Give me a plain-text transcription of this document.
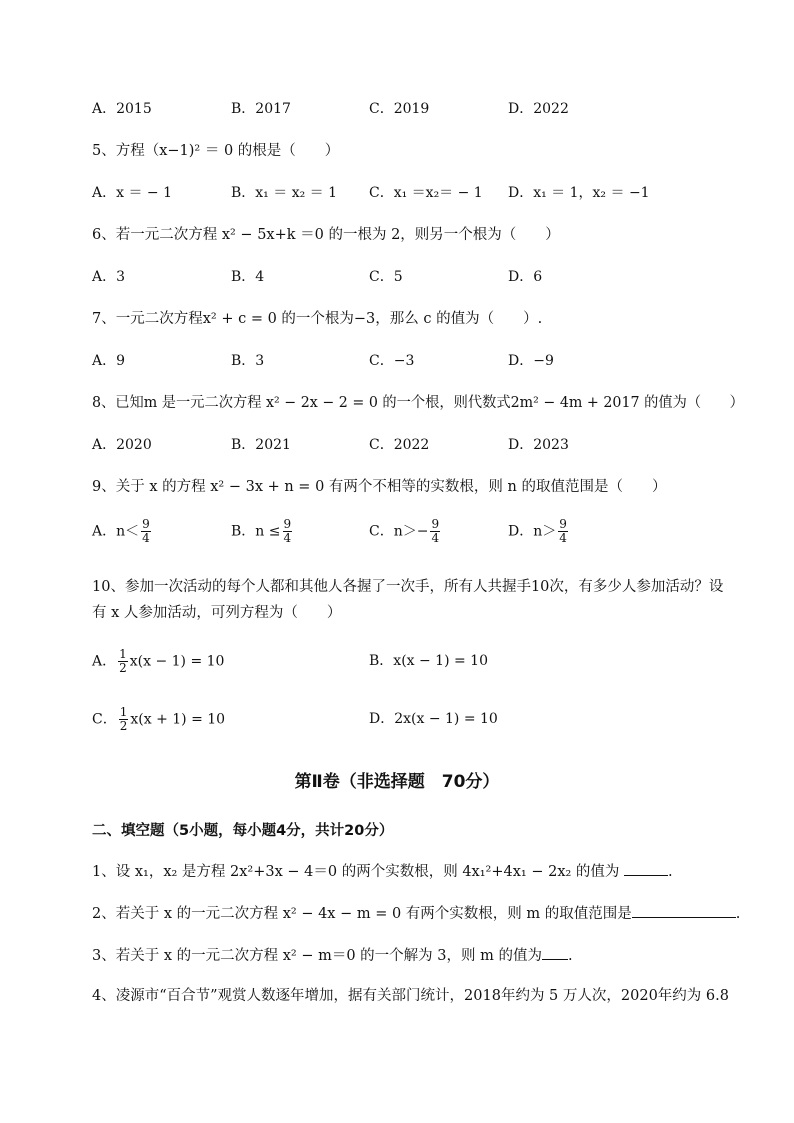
A．2015	B．2017	C．2019	D．2022
5、方程（x−1)² ＝ 0 的根是（　　）
A．x ＝ − 1	B．x₁ ＝ x₂ ＝ 1 C．x₁ ＝x₂＝ − 1 D．x₁ ＝ 1，x₂ ＝ −1
6、若一元二次方程 x² − 5x+k ＝0 的一根为 2，则另一个根为（　　）
A．3	B．4	C．5	D．6
7、一元二次方程x² + c = 0 的一个根为−3，那么 c 的值为（　　）.
A．9	B．3	C．−3	D．−9
8、已知m 是一元二次方程 x² − 2x − 2 = 0 的一个根，则代数式2m² − 4m + 2017 的值为（　　）
A．2020	B．2021	C．2022	D．2023
9、关于 x 的方程 x² − 3x + n = 0 有两个不相等的实数根，则 n 的取值范围是（　　）
A．$n< \frac{9}{4}$	B．$n \le \frac{9}{4}$	C．$n>- \frac{9}{4}$	D．$n> \frac{9}{4}$
10、参加一次活动的每个人都和其他人各握了一次手，所有人共握手10次，有多少人参加活动？设
有 x 人参加活动，可列方程为（　　）
A． $\frac{1}{2} x(x - 1) = 10$	B．x(x − 1) = 10
C． $\frac{1}{2} x(x + 1) = 10$	D．2x(x − 1) = 10
第Ⅱ卷（非选择题　70分）
二、填空题（5小题，每小题4分，共计20分）
1、设 x₁，x₂ 是方程 2x²+3x − 4＝0 的两个实数根，则 4x₁²+4x₁ − 2x₂ 的值为	.
2、若关于 x 的一元二次方程 x² − 4x − m = 0 有两个实数根，则 m 的取值范围是	.
3、若关于 x 的一元二次方程 x² − m＝0 的一个解为 3，则 m 的值为 .
4、凌源市“百合节”观赏人数逐年增加，据有关部门统计，2018年约为 5 万人次，2020年约为 6.8
